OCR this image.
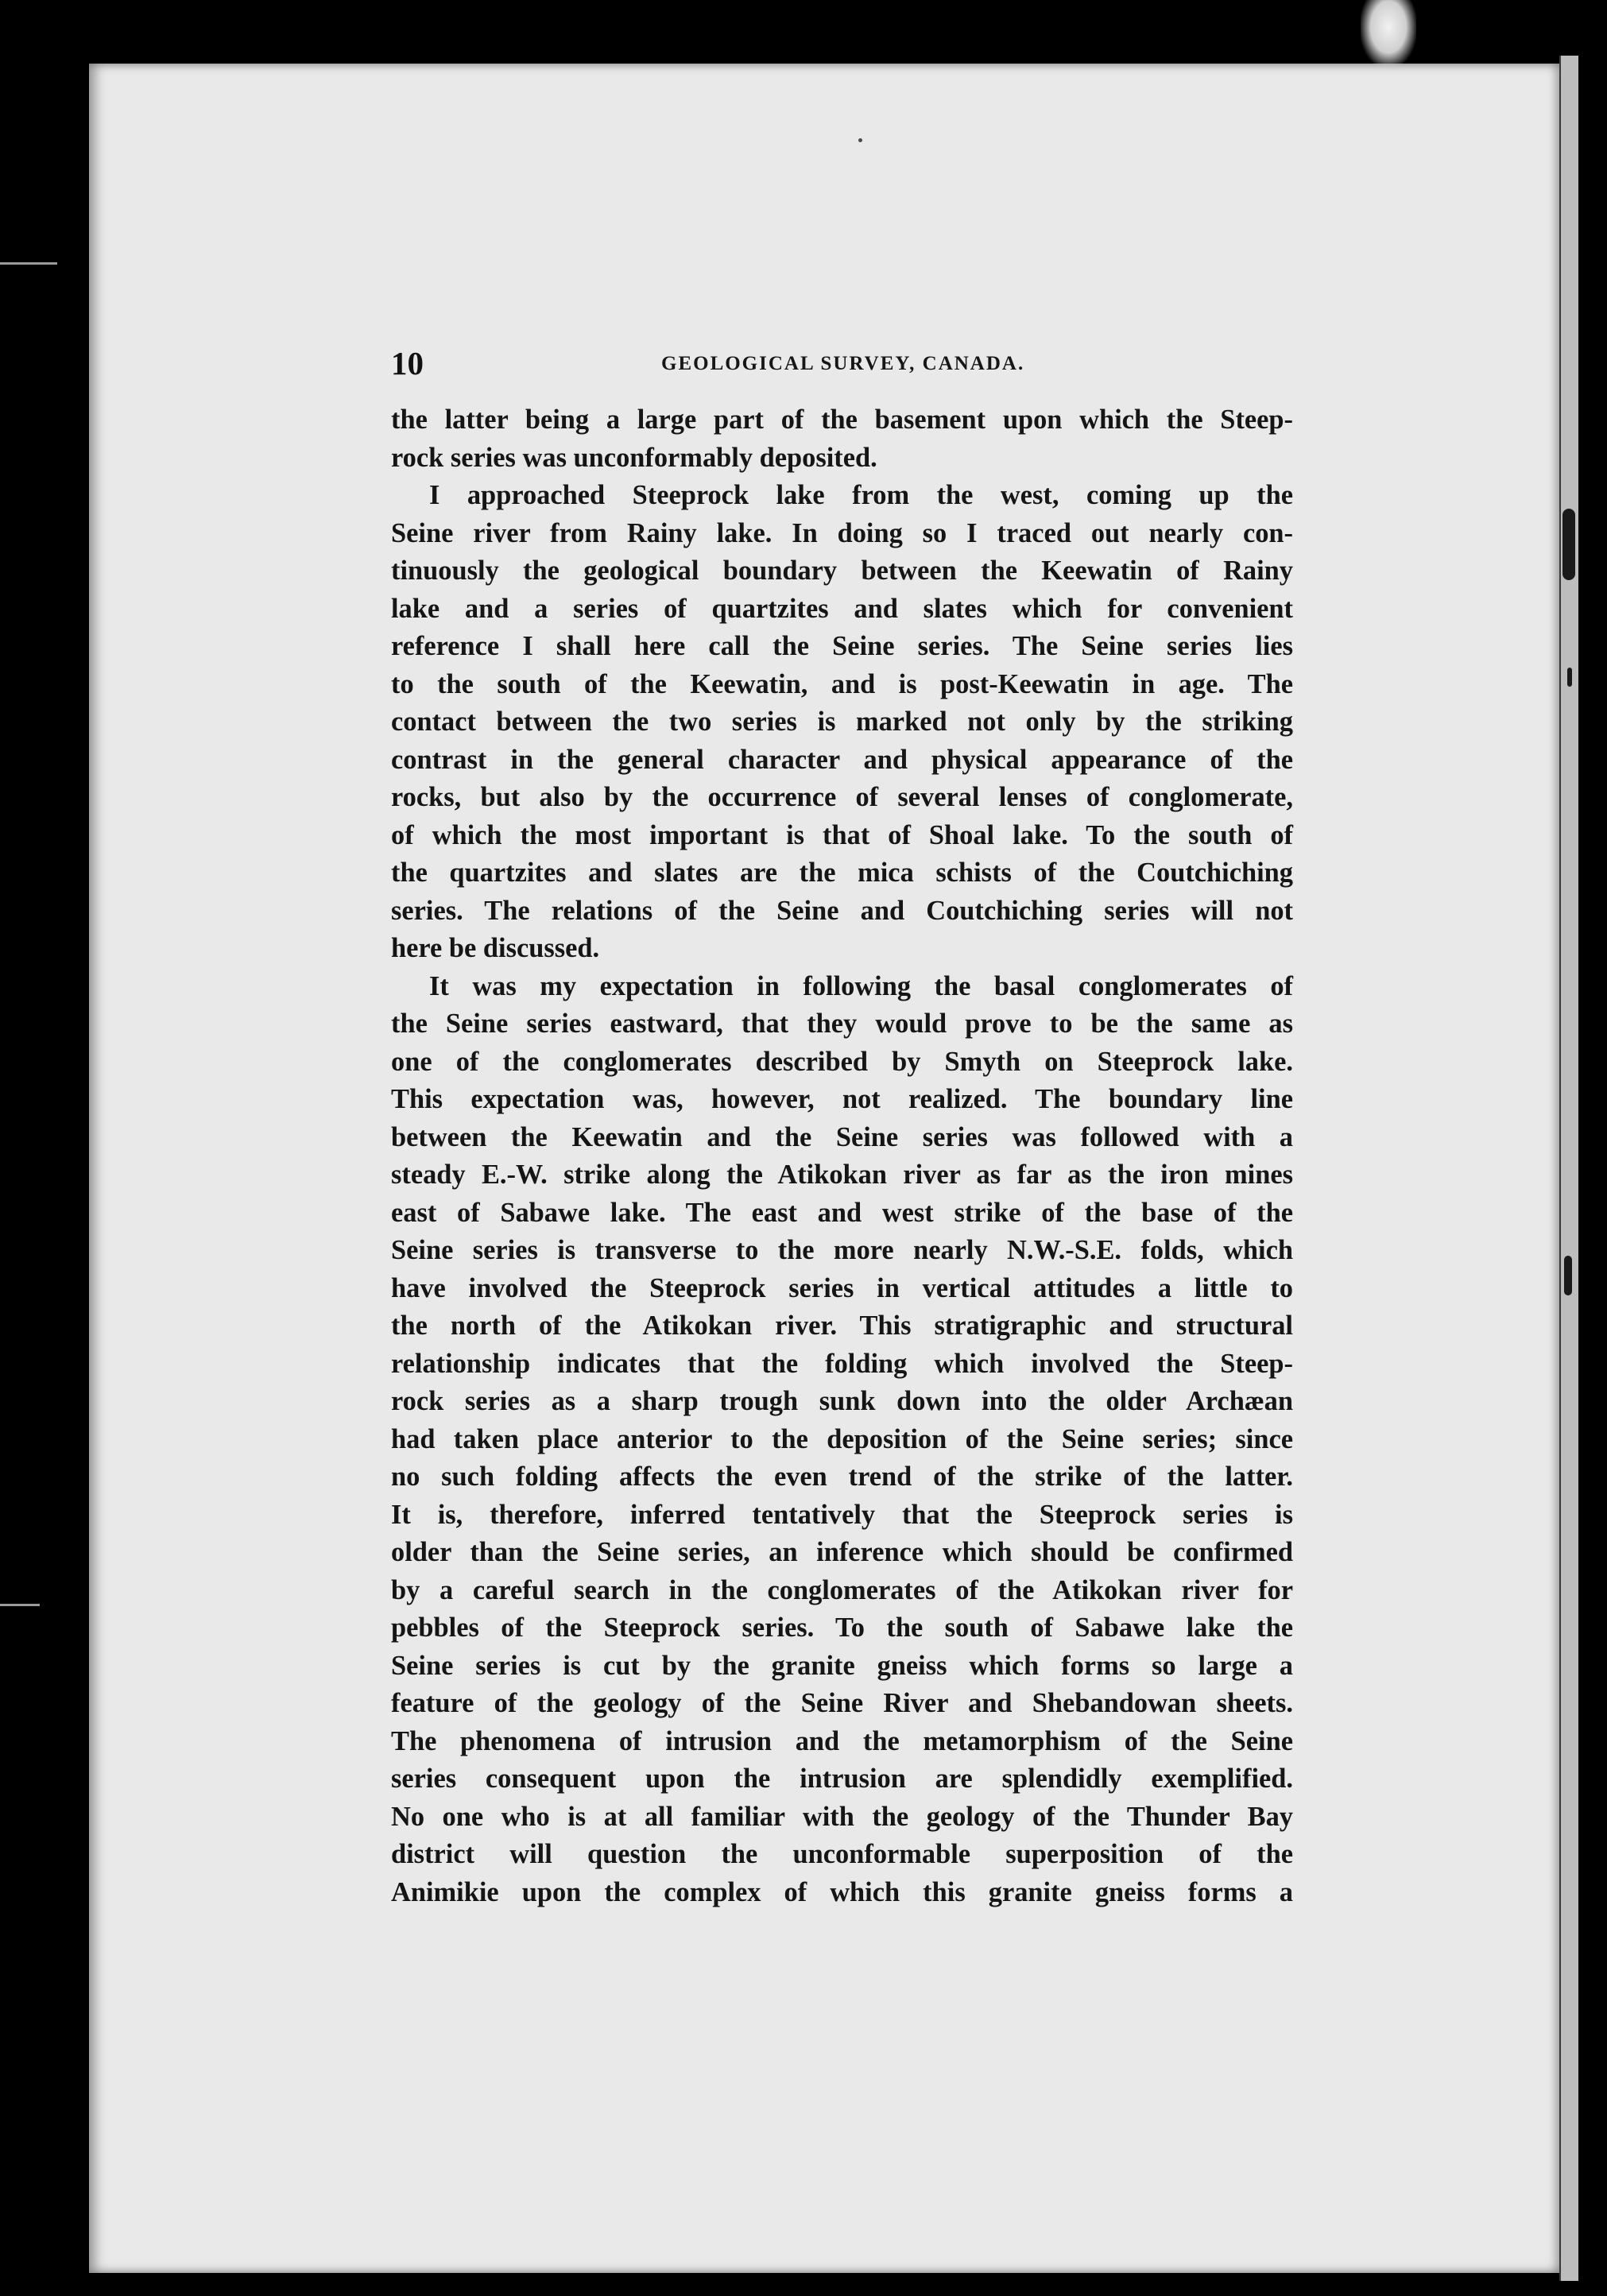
10	GEOLOGICAL SURVEY, CANADA.
the latter being a large part of the basement upon which the Steep-
rock series was unconformably deposited.
I approached Steeprock lake from the west, coming up the
Seine river from Rainy lake. In doing so I traced out nearly con-
tinuously the geological boundary between the Keewatin of Rainy
lake and a series of quartzites and slates which for convenient
reference I shall here call the Seine series. The Seine series lies
to the south of the Keewatin, and is post-Keewatin in age. The
contact between the two series is marked not only by the striking
contrast in the general character and physical appearance of the
rocks, but also by the occurrence of several lenses of conglomerate,
of which the most important is that of Shoal lake. To the south of
the quartzites and slates are the mica schists of the Coutchiching
series. The relations of the Seine and Coutchiching series will not
here be discussed.
It was my expectation in following the basal conglomerates of
the Seine series eastward, that they would prove to be the same as
one of the conglomerates described by Smyth on Steeprock lake.
This expectation was, however, not realized. The boundary line
between the Keewatin and the Seine series was followed with a
steady E.-W. strike along the Atikokan river as far as the iron mines
east of Sabawe lake. The east and west strike of the base of the
Seine series is transverse to the more nearly N.W.-S.E. folds, which
have involved the Steeprock series in vertical attitudes a little to
the north of the Atikokan river. This stratigraphic and structural
relationship indicates that the folding which involved the Steep-
rock series as a sharp trough sunk down into the older Archæan
had taken place anterior to the deposition of the Seine series; since
no such folding affects the even trend of the strike of the latter.
It is, therefore, inferred tentatively that the Steeprock series is
older than the Seine series, an inference which should be confirmed
by a careful search in the conglomerates of the Atikokan river for
pebbles of the Steeprock series. To the south of Sabawe lake the
Seine series is cut by the granite gneiss which forms so large a
feature of the geology of the Seine River and Shebandowan sheets.
The phenomena of intrusion and the metamorphism of the Seine
series consequent upon the intrusion are splendidly exemplified.
No one who is at all familiar with the geology of the Thunder Bay
district will question the unconformable superposition of the
Animikie upon the complex of which this granite gneiss forms a
